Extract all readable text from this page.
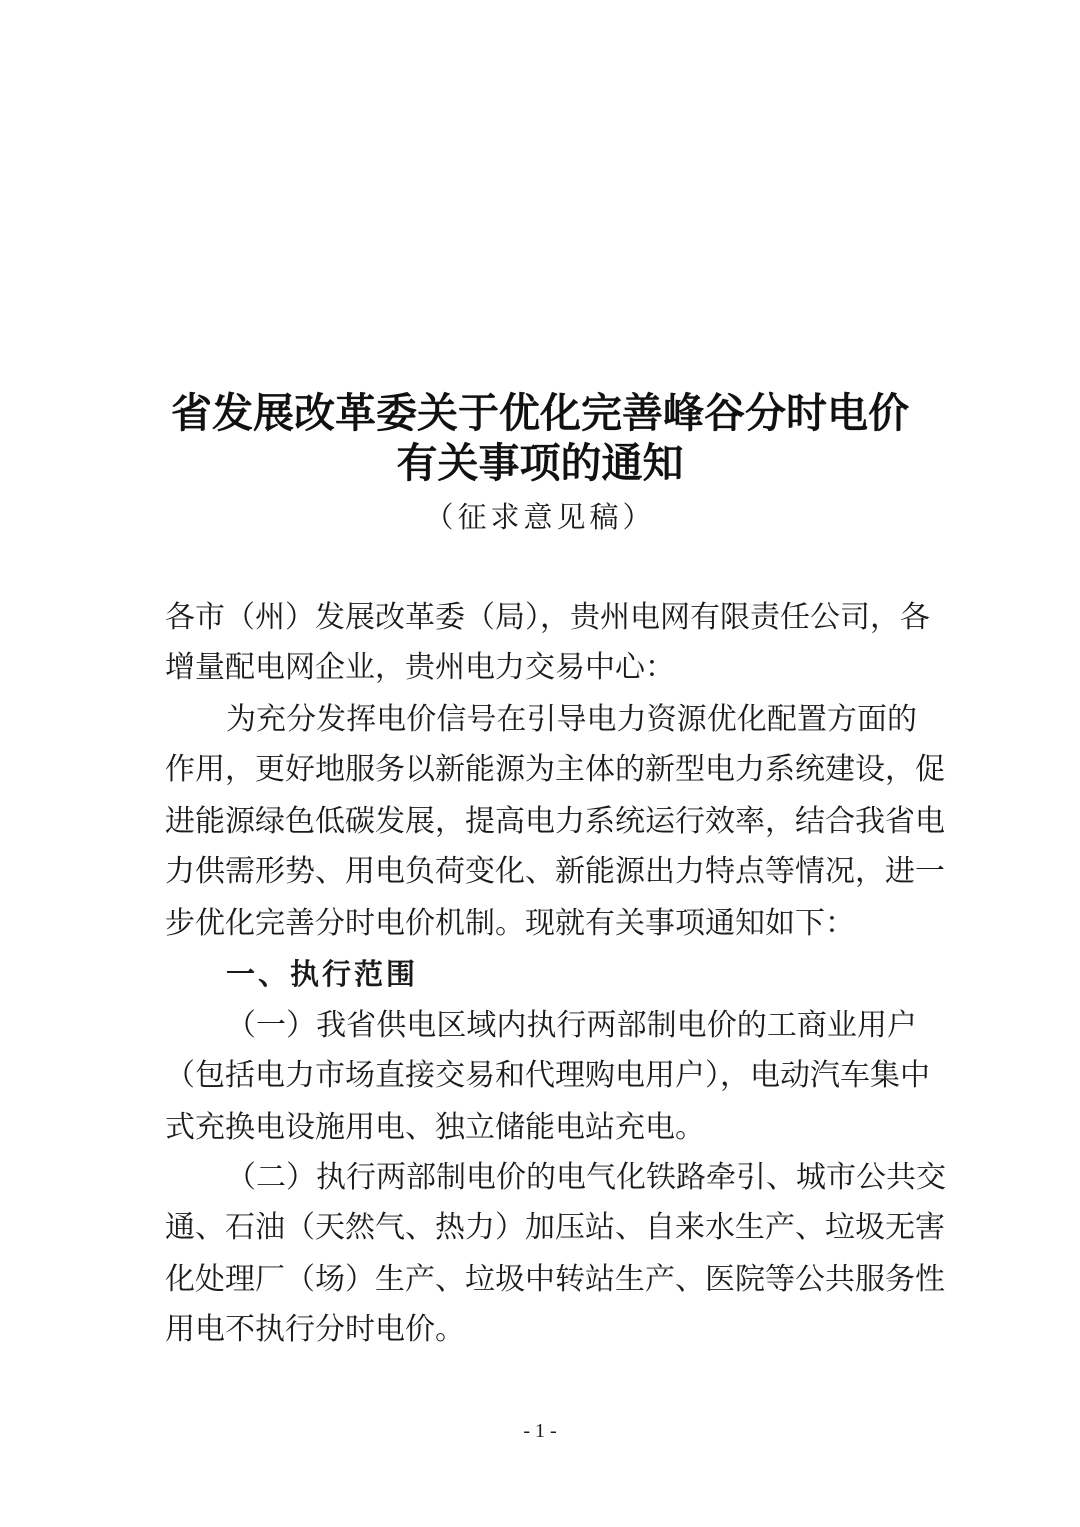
省发展改革委关于优化完善峰谷分时电价
有关事项的通知
（征求意见稿）
各市（州）发展改革委（局），贵州电网有限责任公司，各
增量配电网企业，贵州电力交易中心：
为充分发挥电价信号在引导电力资源优化配置方面的
作用，更好地服务以新能源为主体的新型电力系统建设，促
进能源绿色低碳发展，提高电力系统运行效率，结合我省电
力供需形势、用电负荷变化、新能源出力特点等情况，进一
步优化完善分时电价机制。现就有关事项通知如下：
一、执行范围
（一）我省供电区域内执行两部制电价的工商业用户
（包括电力市场直接交易和代理购电用户），电动汽车集中
式充换电设施用电、独立储能电站充电。
（二）执行两部制电价的电气化铁路牵引、城市公共交
通、石油（天然气、热力）加压站、自来水生产、垃圾无害
化处理厂（场）生产、垃圾中转站生产、医院等公共服务性
用电不执行分时电价。
- 1 -
